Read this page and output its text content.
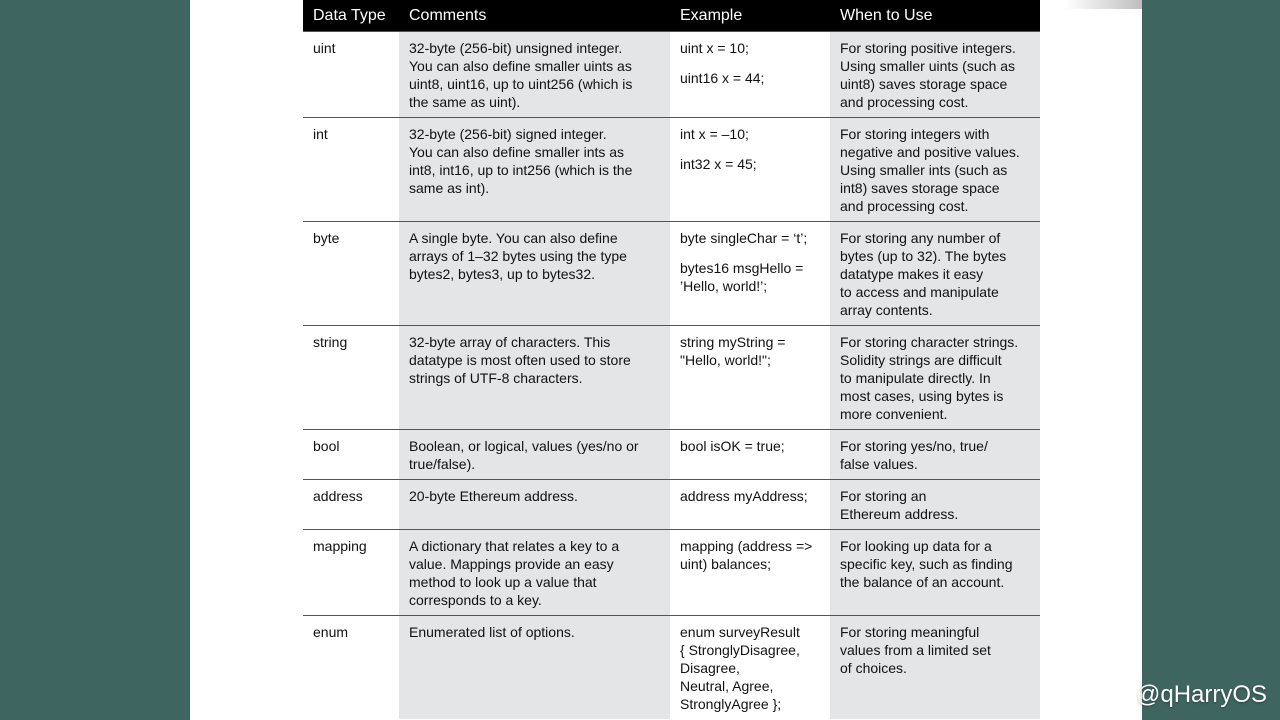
Data Type	Comments	Example	When to Use
uint	32-byte (256-bit) unsigned integer.
You can also define smaller uints as
uint8, uint16, up to uint256 (which is
the same as uint).	uint x = 10;
uint16 x = 44;	For storing positive integers.
Using smaller uints (such as
uint8) saves storage space
and processing cost.
int	32-byte (256-bit) signed integer.
You can also define smaller ints as
int8, int16, up to int256 (which is the
same as int).	int x = –10;
int32 x = 45;	For storing integers with
negative and positive values.
Using smaller ints (such as
int8) saves storage space
and processing cost.
byte	A single byte. You can also define
arrays of 1–32 bytes using the type
bytes2, bytes3, up to bytes32.	byte singleChar = ‘t’;
bytes16 msgHello =
’Hello, world!’;	For storing any number of
bytes (up to 32). The bytes
datatype makes it easy
to access and manipulate
array contents.
string	32-byte array of characters. This
datatype is most often used to store
strings of UTF-8 characters.	string myString =
"Hello, world!";	For storing character strings.
Solidity strings are difficult
to manipulate directly. In
most cases, using bytes is
more convenient.
bool	Boolean, or logical, values (yes/no or
true/false).	bool isOK = true;	For storing yes/no, true/
false values.
address	20-byte Ethereum address.	address myAddress;	For storing an
Ethereum address.
mapping	A dictionary that relates a key to a
value. Mappings provide an easy
method to look up a value that
corresponds to a key.	mapping (address =>
uint) balances;	For looking up data for a
specific key, such as finding
the balance of an account.
enum	Enumerated list of options.	enum surveyResult
{ StronglyDisagree,
Disagree,
Neutral, Agree,
StronglyAgree };	For storing meaningful
values from a limited set
of choices.
@qHarryOS
